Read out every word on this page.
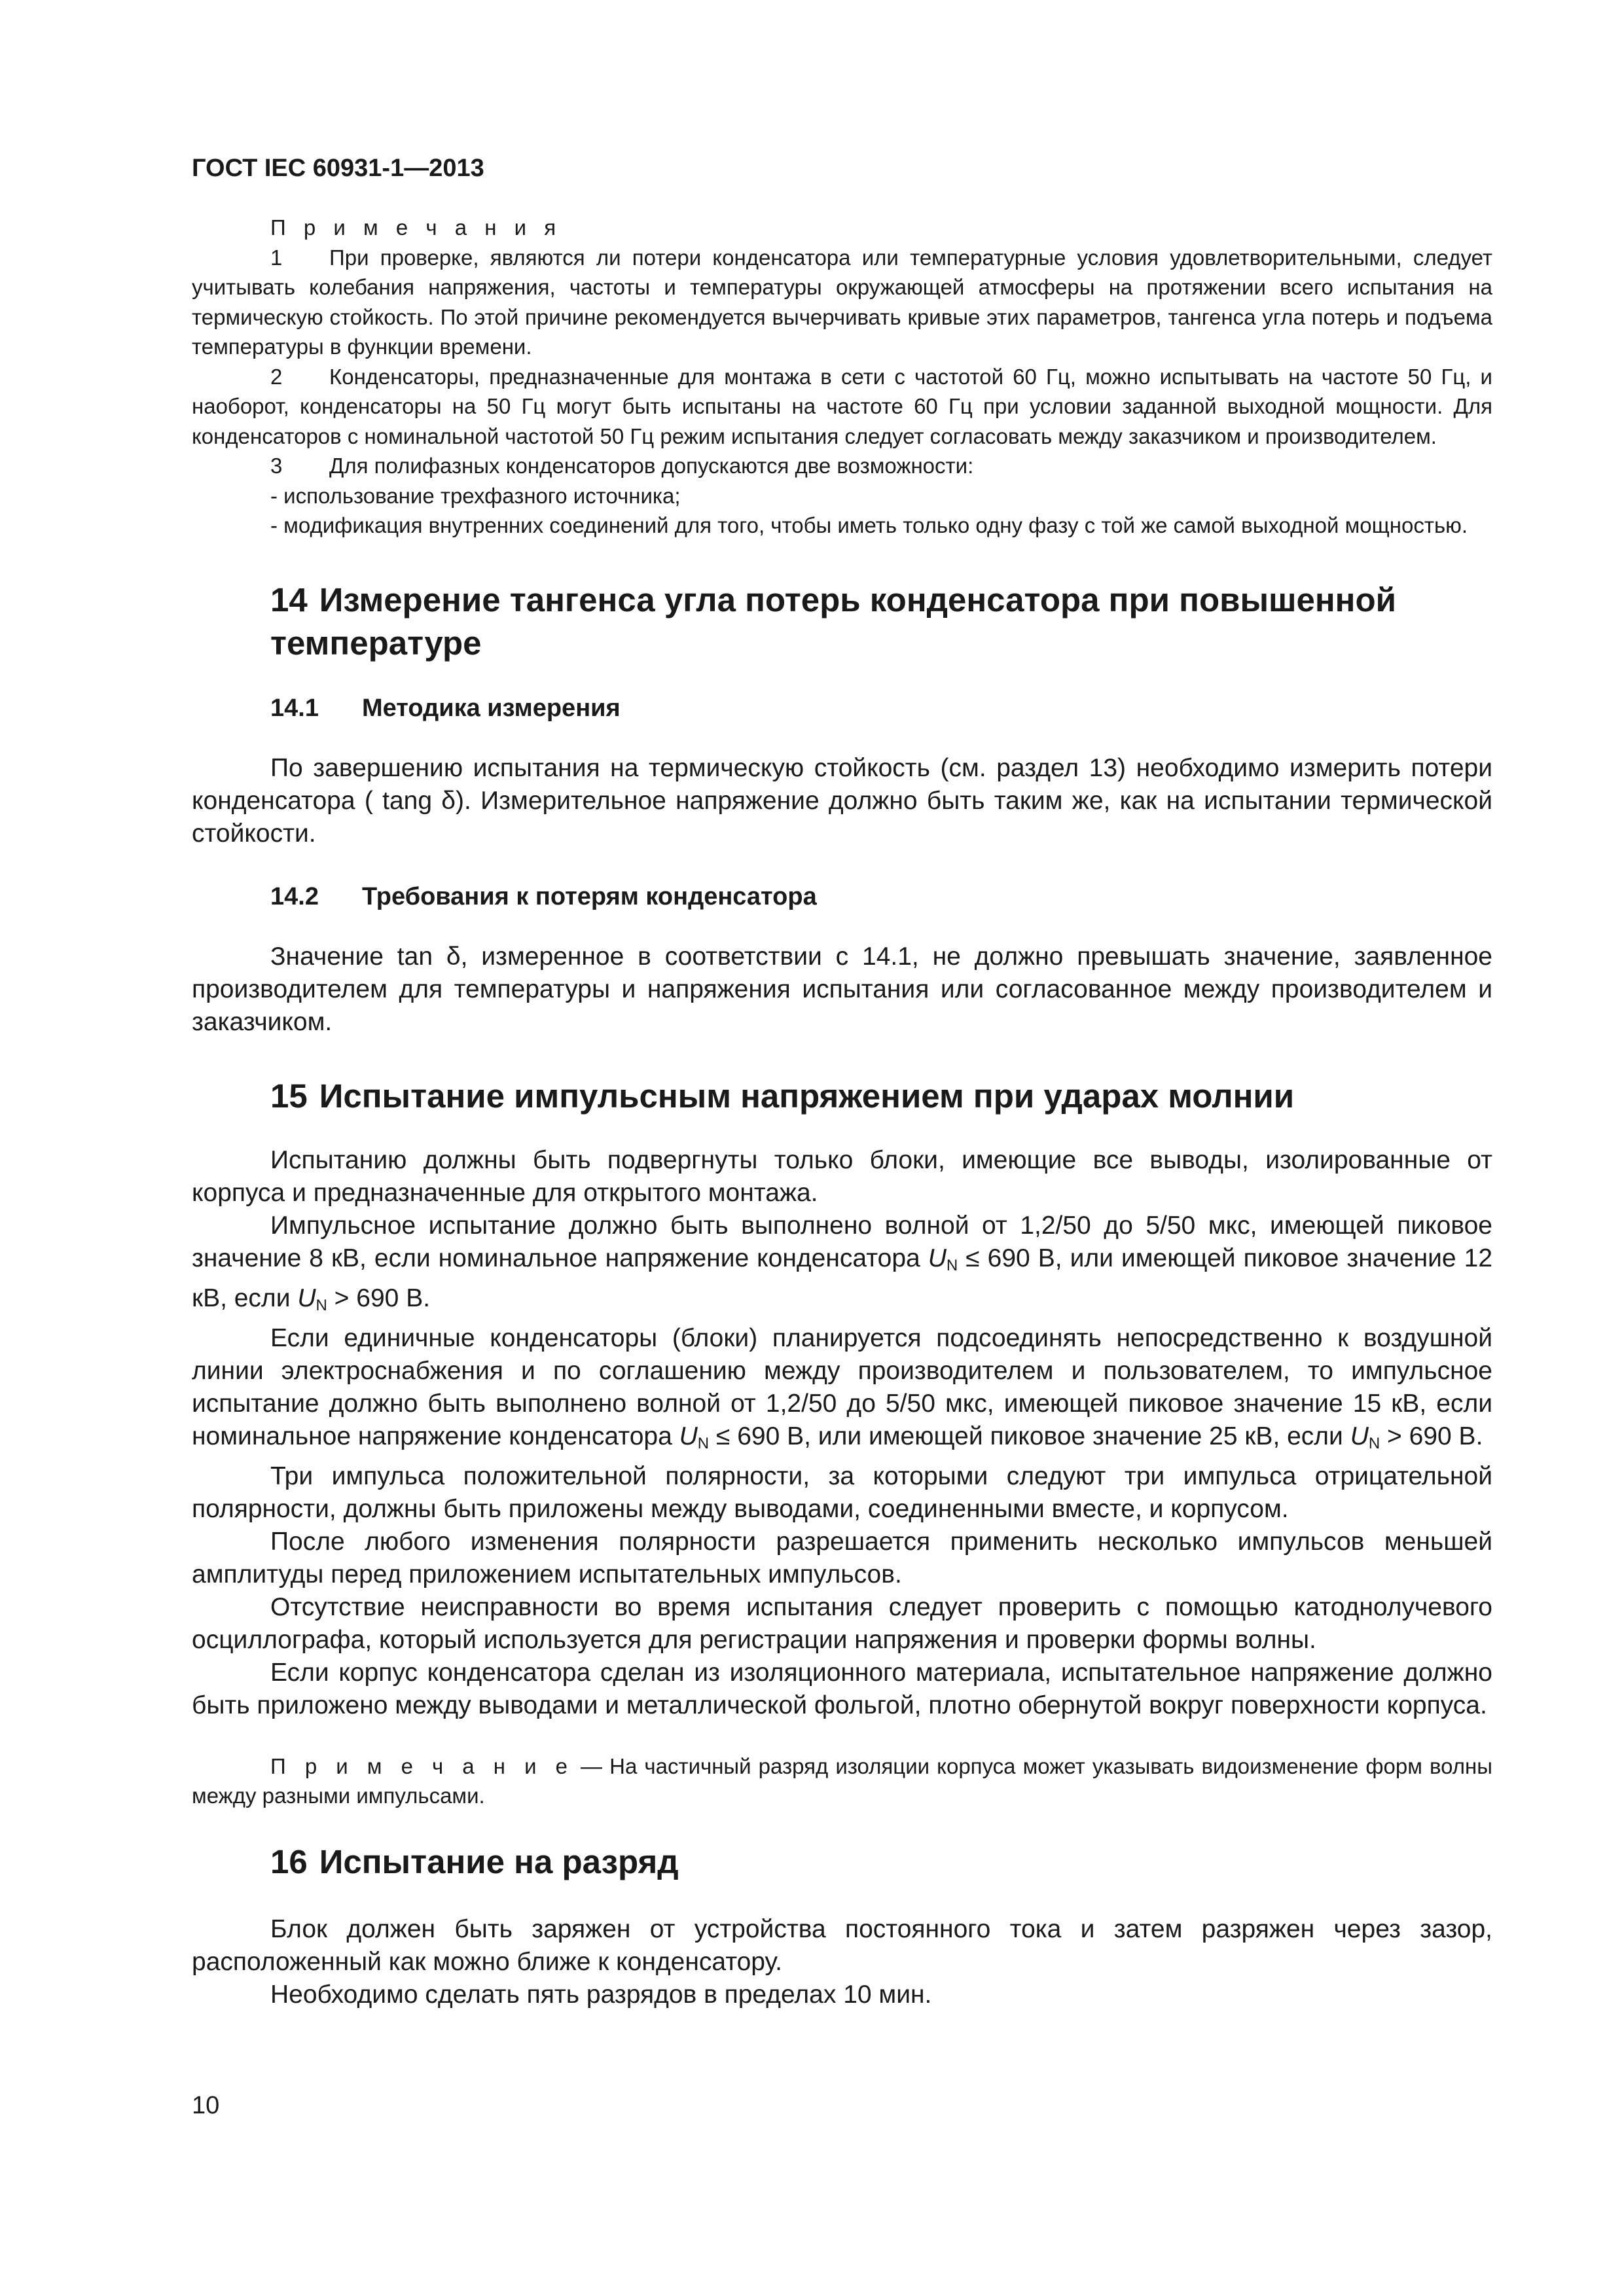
ГОСТ IEC 60931-1—2013

П р и м е ч а н и я

1 При проверке, являются ли потери конденсатора или температурные условия удовлетворительными, следует учитывать колебания напряжения, частоты и температуры окружающей атмосферы на протяжении всего испытания на термическую стойкость. По этой причине рекомендуется вычерчивать кривые этих параметров, тангенса угла потерь и подъема температуры в функции времени.

2 Конденсаторы, предназначенные для монтажа в сети с частотой 60 Гц, можно испытывать на частоте 50 Гц, и наоборот, конденсаторы на 50 Гц могут быть испытаны на частоте 60 Гц при условии заданной выходной мощности. Для конденсаторов с номинальной частотой 50 Гц режим испытания следует согласовать между заказчиком и производителем.

3 Для полифазных конденсаторов допускаются две возможности:

- использование трехфазного источника;

- модификация внутренних соединений для того, чтобы иметь только одну фазу с той же самой выходной мощностью.

14 Измерение тангенса угла потерь конденсатора при повышенной температуре
14.1 Методика измерения

По завершению испытания на термическую стойкость (см. раздел 13) необходимо измерить потери конденсатора ( tang δ). Измерительное напряжение должно быть таким же, как на испытании термической стойкости.

14.2 Требования к потерям конденсатора

Значение tan δ, измеренное в соответствии с 14.1, не должно превышать значение, заявленное производителем для температуры и напряжения испытания или согласованное между производителем и заказчиком.

15 Испытание импульсным напряжением при ударах молнии

Испытанию должны быть подвергнуты только блоки, имеющие все выводы, изолированные от корпуса и предназначенные для открытого монтажа.

Импульсное испытание должно быть выполнено волной от 1,2/50 до 5/50 мкс, имеющей пиковое значение 8 кВ, если номинальное напряжение конденсатора $U_N \le 690$ В, или имеющей пиковое значение 12 кВ, если $U_N > 690$ В.

Если единичные конденсаторы (блоки) планируется подсоединять непосредственно к воздушной линии электроснабжения и по соглашению между производителем и пользователем, то импульсное испытание должно быть выполнено волной от 1,2/50 до 5/50 мкс, имеющей пиковое значение 15 кВ, если номинальное напряжение конденсатора $U_N \le 690$ В, или имеющей пиковое значение 25 кВ, если $U_N > 690$ В.

Три импульса положительной полярности, за которыми следуют три импульса отрицательной полярности, должны быть приложены между выводами, соединенными вместе, и корпусом.

После любого изменения полярности разрешается применить несколько импульсов меньшей амплитуды перед приложением испытательных импульсов.

Отсутствие неисправности во время испытания следует проверить с помощью катоднолучевого осциллографа, который используется для регистрации напряжения и проверки формы волны.

Если корпус конденсатора сделан из изоляционного материала, испытательное напряжение должно быть приложено между выводами и металлической фольгой, плотно обернутой вокруг поверхности корпуса.

П р и м е ч а н и е — На частичный разряд изоляции корпуса может указывать видоизменение форм волны между разными импульсами.

16 Испытание на разряд

Блок должен быть заряжен от устройства постоянного тока и затем разряжен через зазор, расположенный как можно ближе к конденсатору.

Необходимо сделать пять разрядов в пределах 10 мин.

10
